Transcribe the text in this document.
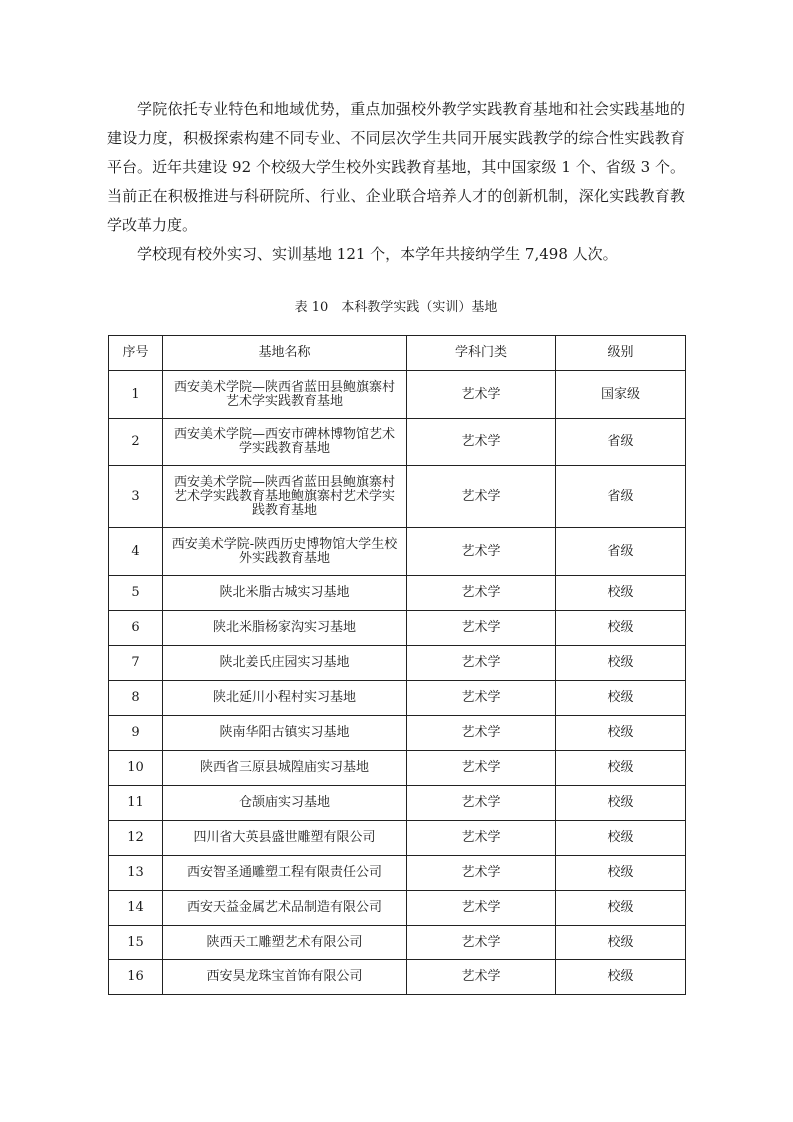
学院依托专业特色和地域优势，重点加强校外教学实践教育基地和社会实践基地的建设力度，积极探索构建不同专业、不同层次学生共同开展实践教学的综合性实践教育平台。近年共建设 92 个校级大学生校外实践教育基地，其中国家级 1 个、省级 3 个。当前正在积极推进与科研院所、行业、企业联合培养人才的创新机制，深化实践教育教学改革力度。

学校现有校外实习、实训基地 121 个，本学年共接纳学生 7,498 人次。

表 10　本科教学实践（实训）基地
序号	基地名称	学科门类	级别
1	西安美术学院—陕西省蓝田县鲍旗寨村艺术学实践教育基地	艺术学	国家级
2	西安美术学院—西安市碑林博物馆艺术学实践教育基地	艺术学	省级
3	西安美术学院—陕西省蓝田县鲍旗寨村艺术学实践教育基地鲍旗寨村艺术学实践教育基地	艺术学	省级
4	西安美术学院-陕西历史博物馆大学生校外实践教育基地	艺术学	省级
5	陕北米脂古城实习基地	艺术学	校级
6	陕北米脂杨家沟实习基地	艺术学	校级
7	陕北姜氏庄园实习基地	艺术学	校级
8	陕北延川小程村实习基地	艺术学	校级
9	陕南华阳古镇实习基地	艺术学	校级
10	陕西省三原县城隍庙实习基地	艺术学	校级
11	仓颉庙实习基地	艺术学	校级
12	四川省大英县盛世雕塑有限公司	艺术学	校级
13	西安智圣通雕塑工程有限责任公司	艺术学	校级
14	西安天益金属艺术品制造有限公司	艺术学	校级
15	陕西天工雕塑艺术有限公司	艺术学	校级
16	西安昊龙珠宝首饰有限公司	艺术学	校级
